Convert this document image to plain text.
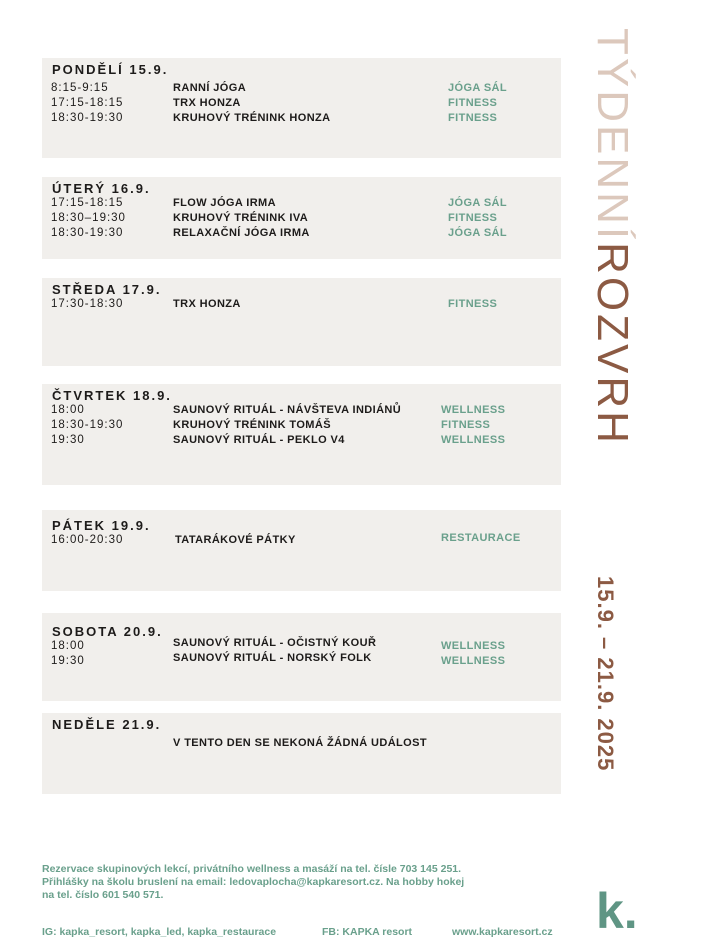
PONDĚLÍ 15.9.
8:15-9:15	RANNÍ JÓGA	JÓGA SÁL
17:15-18:15	TRX HONZA	FITNESS
18:30-19:30	KRUHOVÝ TRÉNINK HONZA	FITNESS
ÚTERÝ 16.9.
17:15-18:15	FLOW JÓGA IRMA	JÓGA SÁL
18:30–19:30	KRUHOVÝ TRÉNINK IVA	FITNESS
18:30-19:30	RELAXAČNÍ JÓGA IRMA	JÓGA SÁL
STŘEDA 17.9.
17:30-18:30	TRX HONZA	FITNESS
ČTVRTEK 18.9.
18:00	SAUNOVÝ RITUÁL - NÁVŠTEVA INDIÁNŮ	WELLNESS
18:30-19:30	KRUHOVÝ TRÉNINK TOMÁŠ	FITNESS
19:30	SAUNOVÝ RITUÁL - PEKLO V4	WELLNESS
PÁTEK 19.9.
16:00-20:30	TATARÁKOVÉ PÁTKY	RESTAURACE
SOBOTA 20.9.
18:00	SAUNOVÝ RITUÁL - OČISTNÝ KOUŘ	WELLNESS
19:30	SAUNOVÝ RITUÁL - NORSKÝ FOLK	WELLNESS
NEDĚLE 21.9.
V TENTO DEN SE NEKONÁ ŽÁDNÁ UDÁLOST
TÝDENNÍROZVRH
15.9. – 21.9. 2025
Rezervace skupinových lekcí, privátního wellness a masáží na tel. čísle 703 145 251.
Přihlášky na školu bruslení na email: ledovaplocha@kapkaresort.cz. Na hobby hokej
na tel. číslo 601 540 571.
IG: kapka_resort, kapka_led, kapka_restaurace	FB: KAPKA resort	www.kapkaresort.cz k.
